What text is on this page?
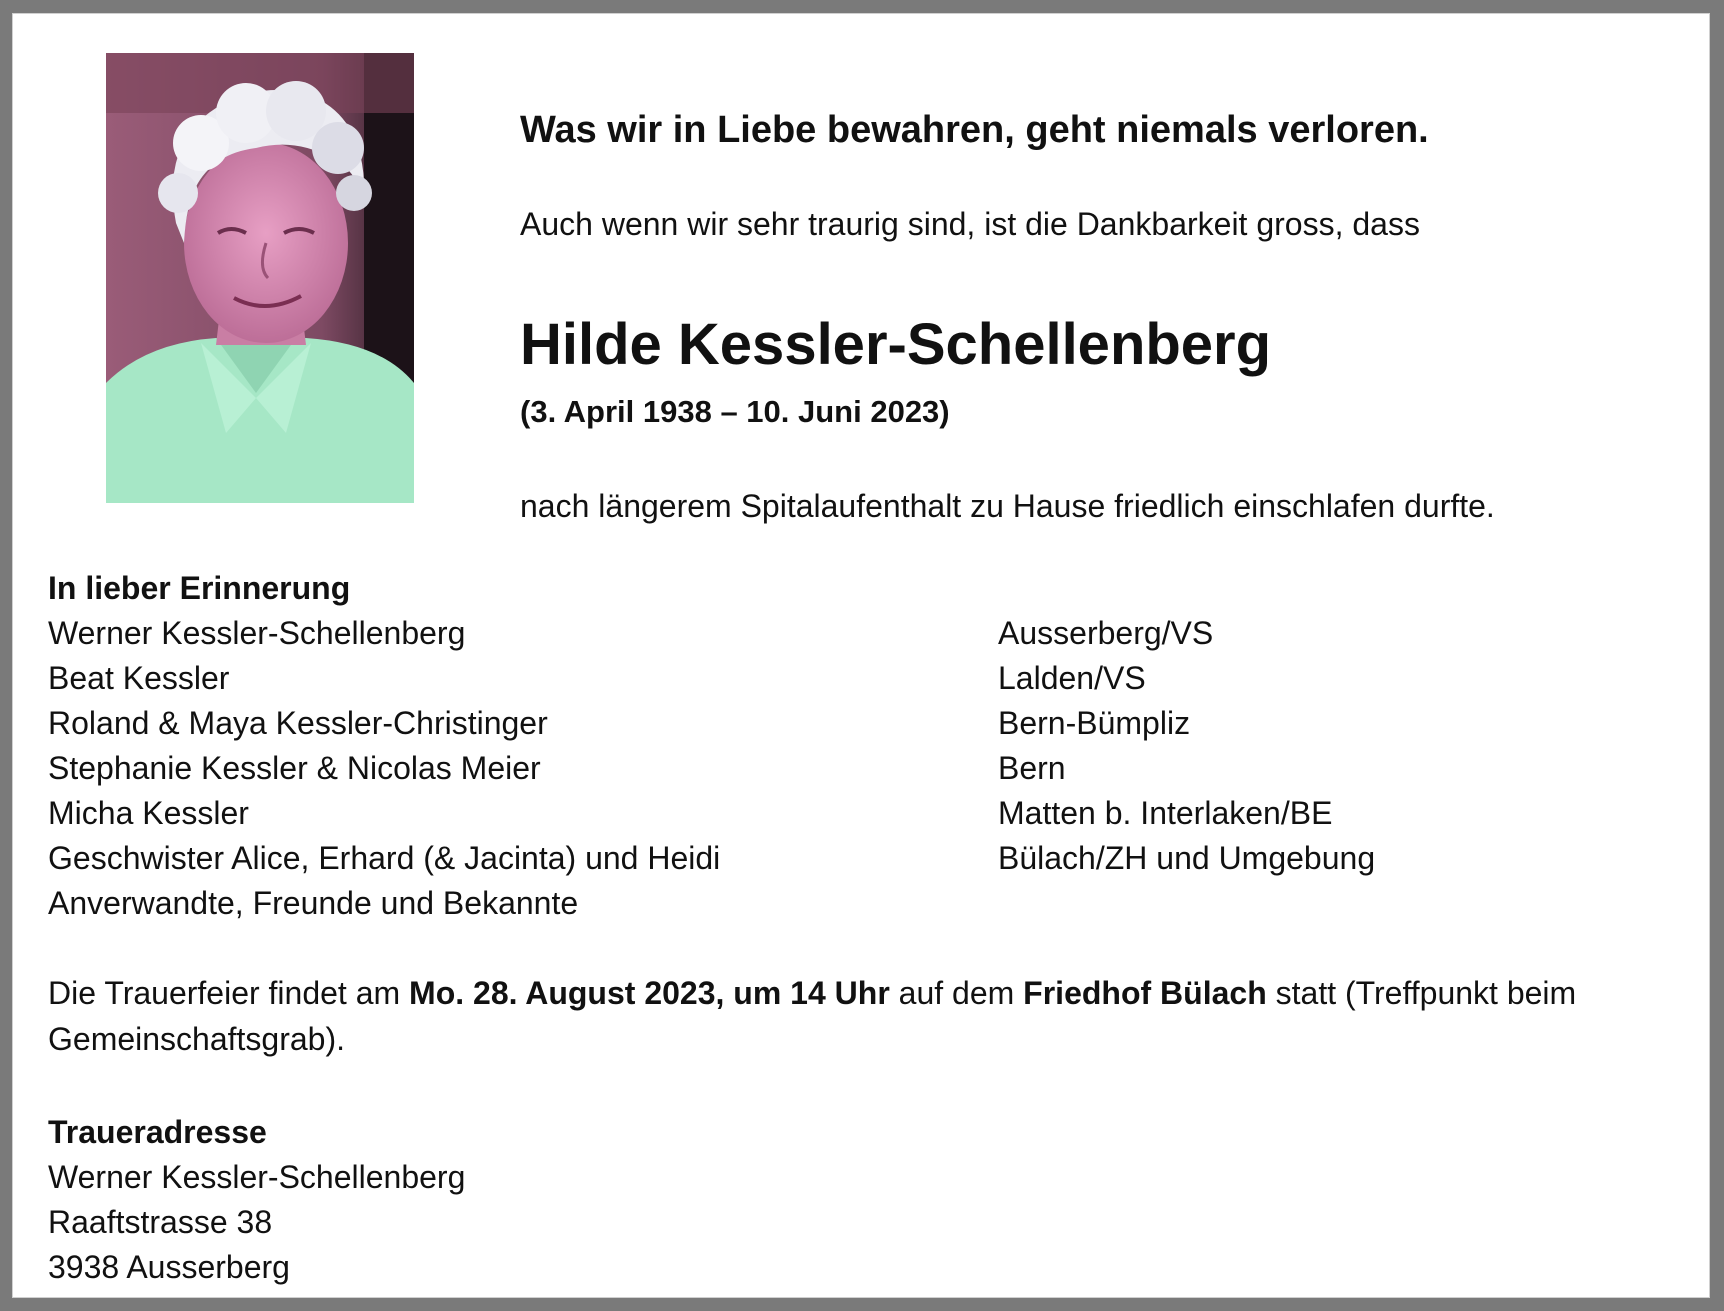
Was wir in Liebe bewahren, geht niemals verloren.
Auch wenn wir sehr traurig sind, ist die Dankbarkeit gross, dass
Hilde Kessler-Schellenberg
(3. April 1938 – 10. Juni 2023)
nach längerem Spitalaufenthalt zu Hause friedlich einschlafen durfte.
In lieber Erinnerung
Werner Kessler-Schellenberg	Ausserberg/VS
Beat Kessler	Lalden/VS
Roland & Maya Kessler-Christinger	Bern-Bümpliz
Stephanie Kessler & Nicolas Meier	Bern
Micha Kessler	Matten b. Interlaken/BE
Geschwister Alice, Erhard (& Jacinta) und Heidi	Bülach/ZH und Umgebung
Anverwandte, Freunde und Bekannte
Die Trauerfeier findet am Mo. 28. August 2023, um 14 Uhr auf dem Friedhof Bülach statt (Treffpunkt beim Gemeinschaftsgrab).
Traueradresse
Werner Kessler-Schellenberg
Raaftstrasse 38
3938 Ausserberg
